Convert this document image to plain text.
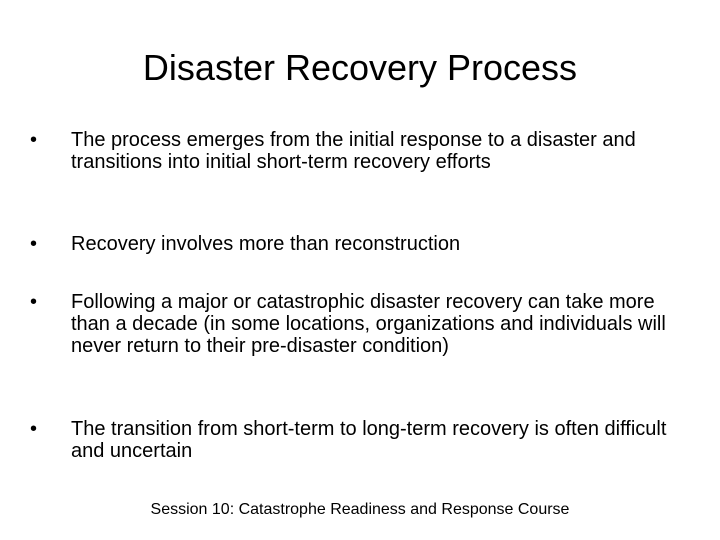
Disaster Recovery Process
•	The process emerges from the initial response to a disaster and transitions into initial short-term recovery efforts
•	Recovery involves more than reconstruction
•	Following a major or catastrophic disaster recovery can take more than a decade (in some locations, organizations and individuals will never return to their pre-disaster condition)
•	The transition from short-term to long-term recovery is often difficult and uncertain
Session 10: Catastrophe Readiness and Response Course
